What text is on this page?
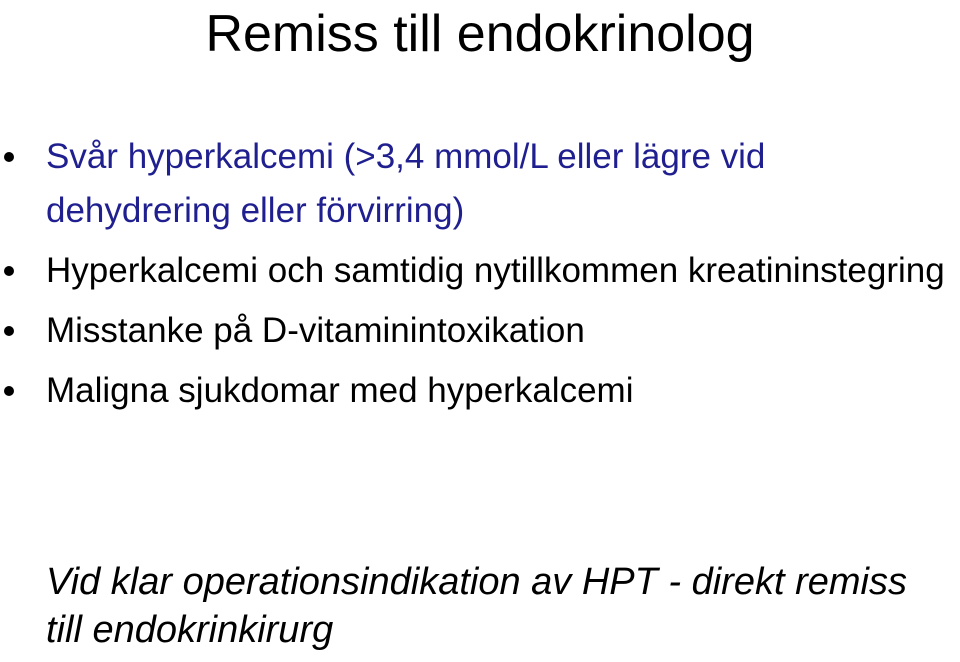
Remiss till endokrinolog
Svår hyperkalcemi (>3,4 mmol/L eller lägre vid dehydrering eller förvirring)
Hyperkalcemi och samtidig nytillkommen kreatininstegring
Misstanke på D-vitaminintoxikation
Maligna sjukdomar med hyperkalcemi
Vid klar operationsindikation av HPT - direkt remiss till endokrinkirurg
